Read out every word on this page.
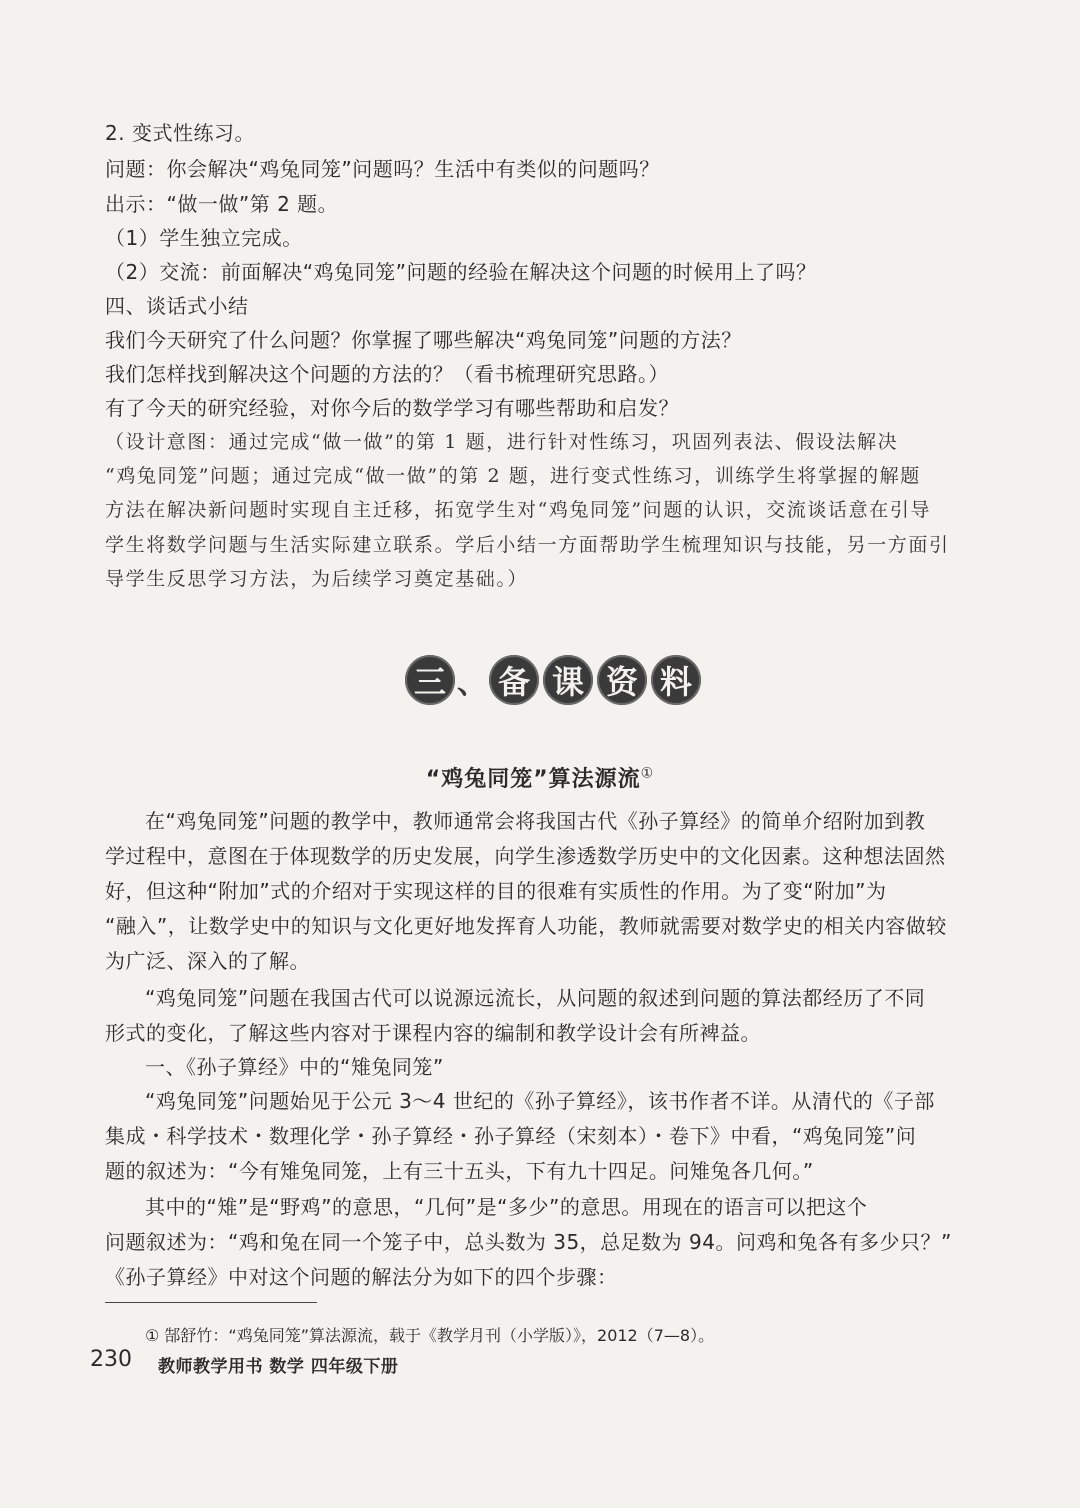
2. 变式性练习。
问题：你会解决“鸡兔同笼”问题吗？生活中有类似的问题吗？
出示：“做一做”第 2 题。
（1）学生独立完成。
（2）交流：前面解决“鸡兔同笼”问题的经验在解决这个问题的时候用上了吗？
四、谈话式小结
我们今天研究了什么问题？你掌握了哪些解决“鸡兔同笼”问题的方法？
我们怎样找到解决这个问题的方法的？（看书梳理研究思路。）
有了今天的研究经验，对你今后的数学学习有哪些帮助和启发？
（设计意图：通过完成“做一做”的第 1 题，进行针对性练习，巩固列表法、假设法解决
“鸡兔同笼”问题；通过完成“做一做”的第 2 题，进行变式性练习，训练学生将掌握的解题
方法在解决新问题时实现自主迁移，拓宽学生对“鸡兔同笼”问题的认识，交流谈话意在引导
学生将数学问题与生活实际建立联系。学后小结一方面帮助学生梳理知识与技能，另一方面引
导学生反思学习方法，为后续学习奠定基础。）
三 、 备 课 资 料
“鸡兔同笼”算法源流①
在“鸡兔同笼”问题的教学中，教师通常会将我国古代《孙子算经》的简单介绍附加到教
学过程中，意图在于体现数学的历史发展，向学生渗透数学历史中的文化因素。这种想法固然
好，但这种“附加”式的介绍对于实现这样的目的很难有实质性的作用。为了变“附加”为
“融入”，让数学史中的知识与文化更好地发挥育人功能，教师就需要对数学史的相关内容做较
为广泛、深入的了解。
“鸡兔同笼”问题在我国古代可以说源远流长，从问题的叙述到问题的算法都经历了不同
形式的变化，了解这些内容对于课程内容的编制和教学设计会有所裨益。
一、《孙子算经》中的“雉兔同笼”
“鸡兔同笼”问题始见于公元 3～4 世纪的《孙子算经》，该书作者不详。从清代的《子部
集成・科学技术・数理化学・孙子算经・孙子算经（宋刻本）・卷下》中看，“鸡兔同笼”问
题的叙述为：“今有雉兔同笼，上有三十五头，下有九十四足。问雉兔各几何。”
其中的“雉”是“野鸡”的意思，“几何”是“多少”的意思。用现在的语言可以把这个
问题叙述为：“鸡和兔在同一个笼子中，总头数为 35，总足数为 94。问鸡和兔各有多少只？”
《孙子算经》中对这个问题的解法分为如下的四个步骤：
① 郜舒竹：“鸡兔同笼”算法源流，载于《教学月刊（小学版）》，2012（7—8）。
230 教师教学用书 数学 四年级下册
